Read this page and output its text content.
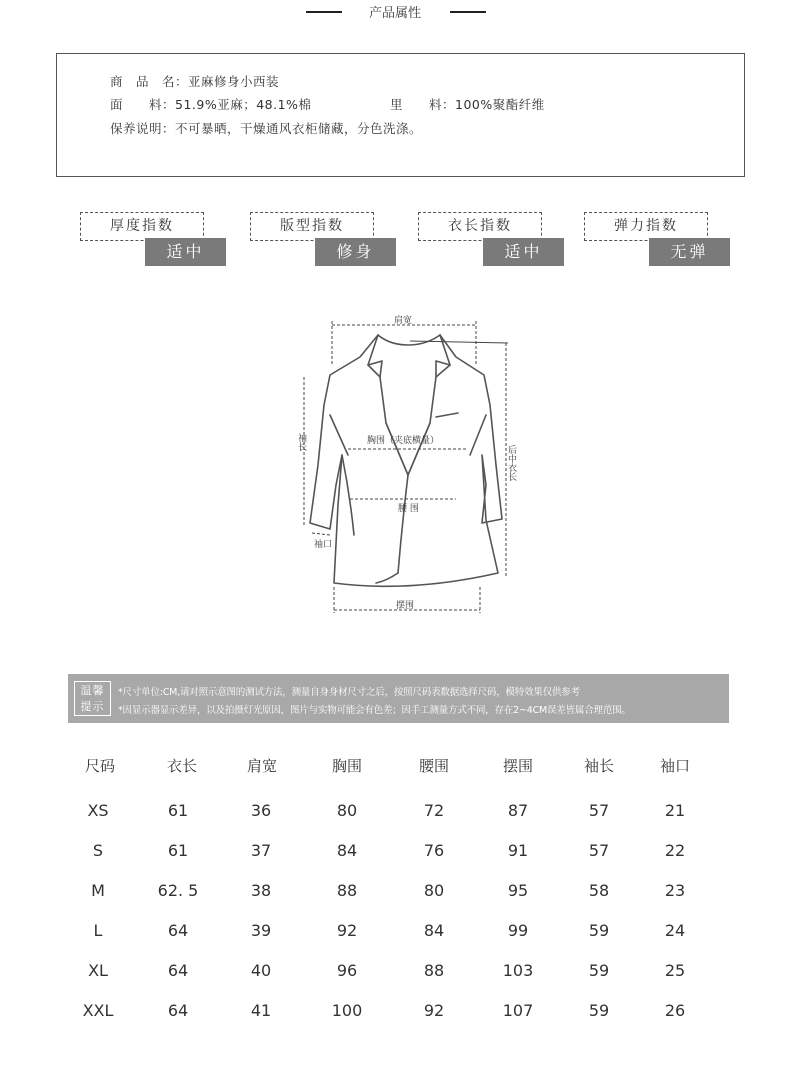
产品属性
商　品　名：亚麻修身小西装
面　　料：51.9%亚麻；48.1%棉	里　　料：100%聚酯纤维
保养说明：不可暴晒，干燥通风衣柜储藏，分色洗涤。
厚度指数
适中
版型指数
修身
衣长指数
适中
弹力指数
无弹
肩宽
袖长	胸围（夹底横量）
后中衣长
腰 围
袖口
摆围
温馨
提示
*尺寸单位:CM,请对照示意图的测试方法，测量自身身材尺寸之后，按照尺码表数据选择尺码，模特效果仅供参考
*因显示器显示差异，以及拍摄灯光原因，图片与实物可能会有色差；因手工测量方式不同，存在2~4CM误差皆属合理范围。
尺码	衣长	肩宽	胸围	腰围	摆围	袖长	袖口
XS	61	36	80	72	87	57	21
S	61	37	84	76	91	57	22
M	62. 5	38	88	80	95	58	23
L	64	39	92	84	99	59	24
XL	64	40	96	88	103	59	25
XXL	64	41	100	92	107	59	26
